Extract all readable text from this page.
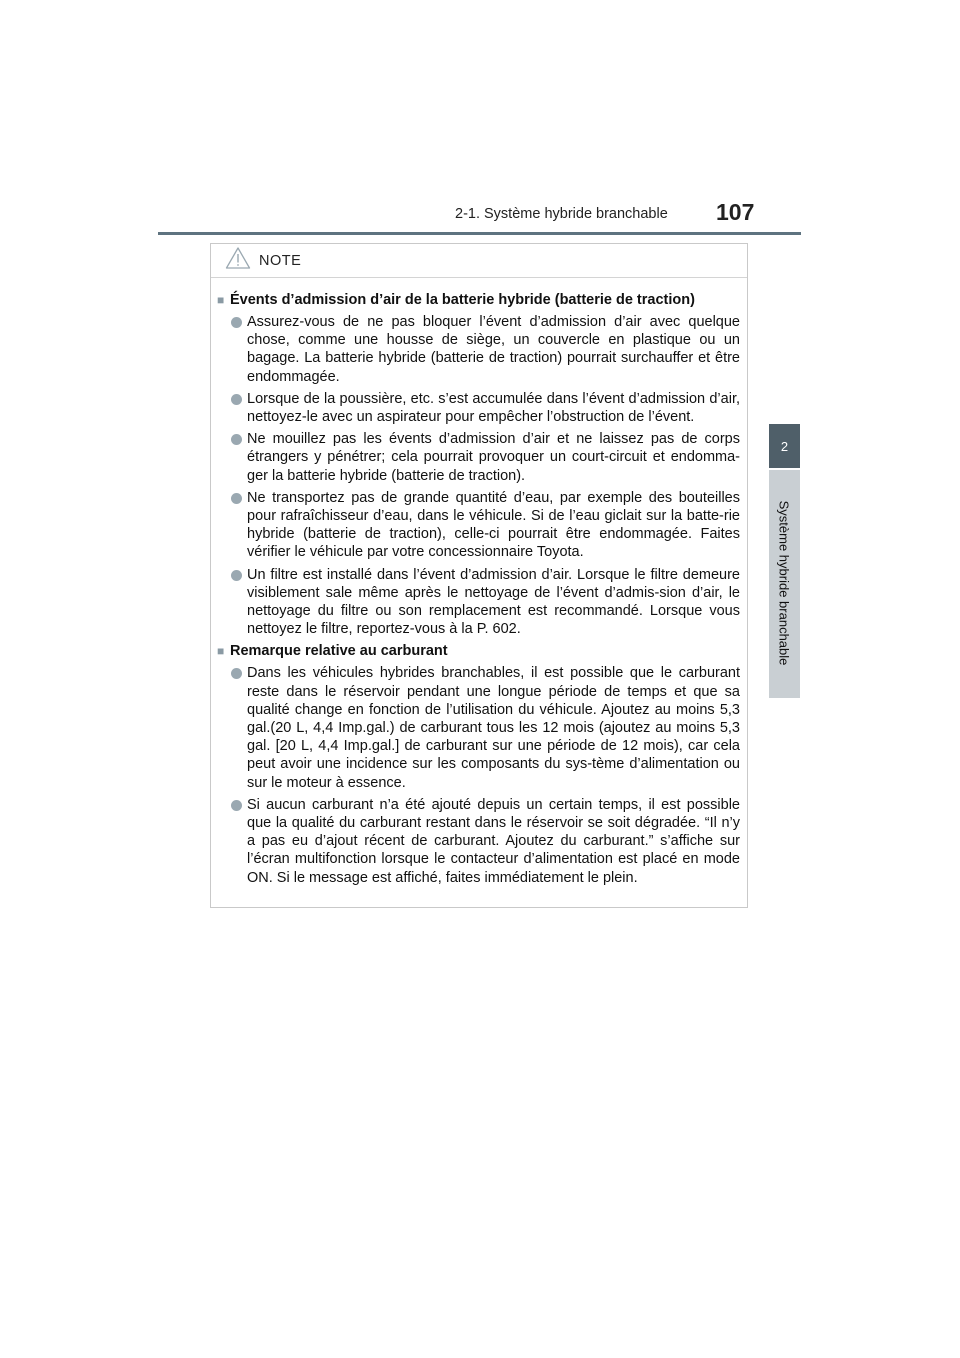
2-1. Système hybride branchable 107
2
Système hybride branchable
NOTE
■ Évents d’admission d’air de la batterie hybride (batterie de traction)
Assurez-vous de ne pas bloquer l’évent d’admission d’air avec quelque chose, comme une housse de siège, un couvercle en plastique ou un bagage. La batterie hybride (batterie de traction) pourrait surchauffer et être endommagée.
Lorsque de la poussière, etc. s’est accumulée dans l’évent d’admission d’air, nettoyez-le avec un aspirateur pour empêcher l’obstruction de l’évent.
Ne mouillez pas les évents d’admission d’air et ne laissez pas de corps étrangers y pénétrer; cela pourrait provoquer un court-circuit et endomma-ger la batterie hybride (batterie de traction).
Ne transportez pas de grande quantité d’eau, par exemple des bouteilles pour rafraîchisseur d’eau, dans le véhicule. Si de l’eau giclait sur la batte-rie hybride (batterie de traction), celle-ci pourrait être endommagée. Faites vérifier le véhicule par votre concessionnaire Toyota.
Un filtre est installé dans l’évent d’admission d’air. Lorsque le filtre demeure visiblement sale même après le nettoyage de l’évent d’admis-sion d’air, le nettoyage du filtre ou son remplacement est recommandé. Lorsque vous nettoyez le filtre, reportez-vous à la P. 602.
■ Remarque relative au carburant
Dans les véhicules hybrides branchables, il est possible que le carburant reste dans le réservoir pendant une longue période de temps et que sa qualité change en fonction de l’utilisation du véhicule. Ajoutez au moins 5,3 gal.(20 L, 4,4 Imp.gal.) de carburant tous les 12 mois (ajoutez au moins 5,3 gal. [20 L, 4,4 Imp.gal.] de carburant sur une période de 12 mois), car cela peut avoir une incidence sur les composants du sys-tème d’alimentation ou sur le moteur à essence.
Si aucun carburant n’a été ajouté depuis un certain temps, il est possible que la qualité du carburant restant dans le réservoir se soit dégradée. “Il n’y a pas eu d’ajout récent de carburant. Ajoutez du carburant.” s’affiche sur l’écran multifonction lorsque le contacteur d’alimentation est placé en mode ON. Si le message est affiché, faites immédiatement le plein.
